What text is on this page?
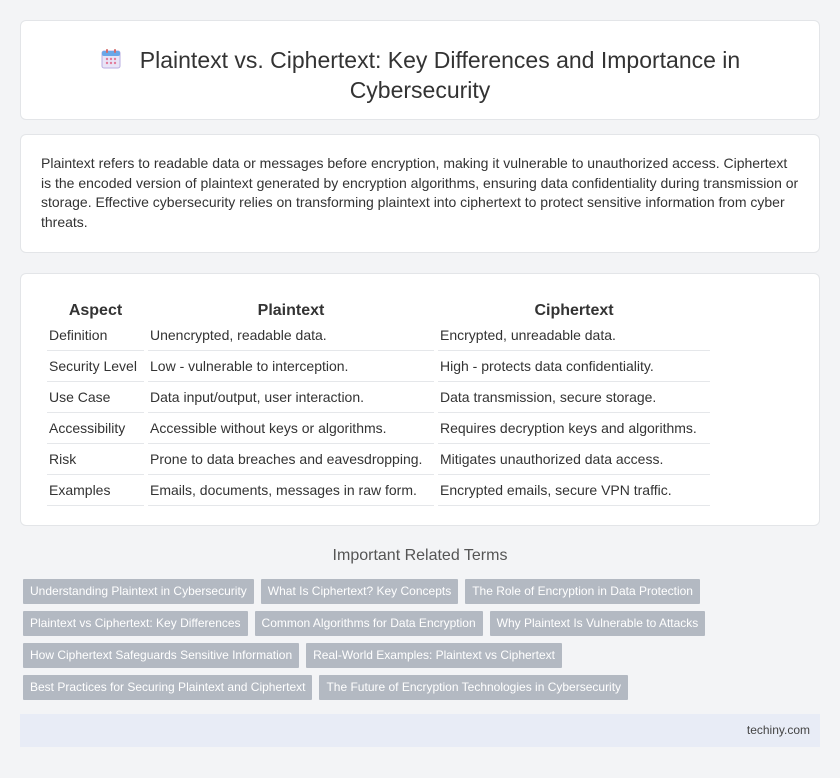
Plaintext vs. Ciphertext: Key Differences and Importance in
Cybersecurity

Plaintext refers to readable data or messages before encryption, making it vulnerable to unauthorized access. Ciphertext is the encoded version of plaintext generated by encryption algorithms, ensuring data confidentiality during transmission or storage. Effective cybersecurity relies on transforming plaintext into ciphertext to protect sensitive information from cyber threats.

Aspect	Plaintext	Ciphertext
Definition	Unencrypted, readable data.	Encrypted, unreadable data.
Security Level	Low - vulnerable to interception.	High - protects data confidentiality.
Use Case	Data input/output, user interaction.	Data transmission, secure storage.
Accessibility	Accessible without keys or algorithms.	Requires decryption keys and algorithms.
Risk	Prone to data breaches and eavesdropping.	Mitigates unauthorized data access.
Examples	Emails, documents, messages in raw form.	Encrypted emails, secure VPN traffic.
Important Related Terms
Understanding Plaintext in Cybersecurity	What Is Ciphertext? Key Concepts	The Role of Encryption in Data Protection
Plaintext vs Ciphertext: Key Differences	Common Algorithms for Data Encryption	Why Plaintext Is Vulnerable to Attacks
How Ciphertext Safeguards Sensitive Information	Real-World Examples: Plaintext vs Ciphertext
Best Practices for Securing Plaintext and Ciphertext	The Future of Encryption Technologies in Cybersecurity
techiny.com
